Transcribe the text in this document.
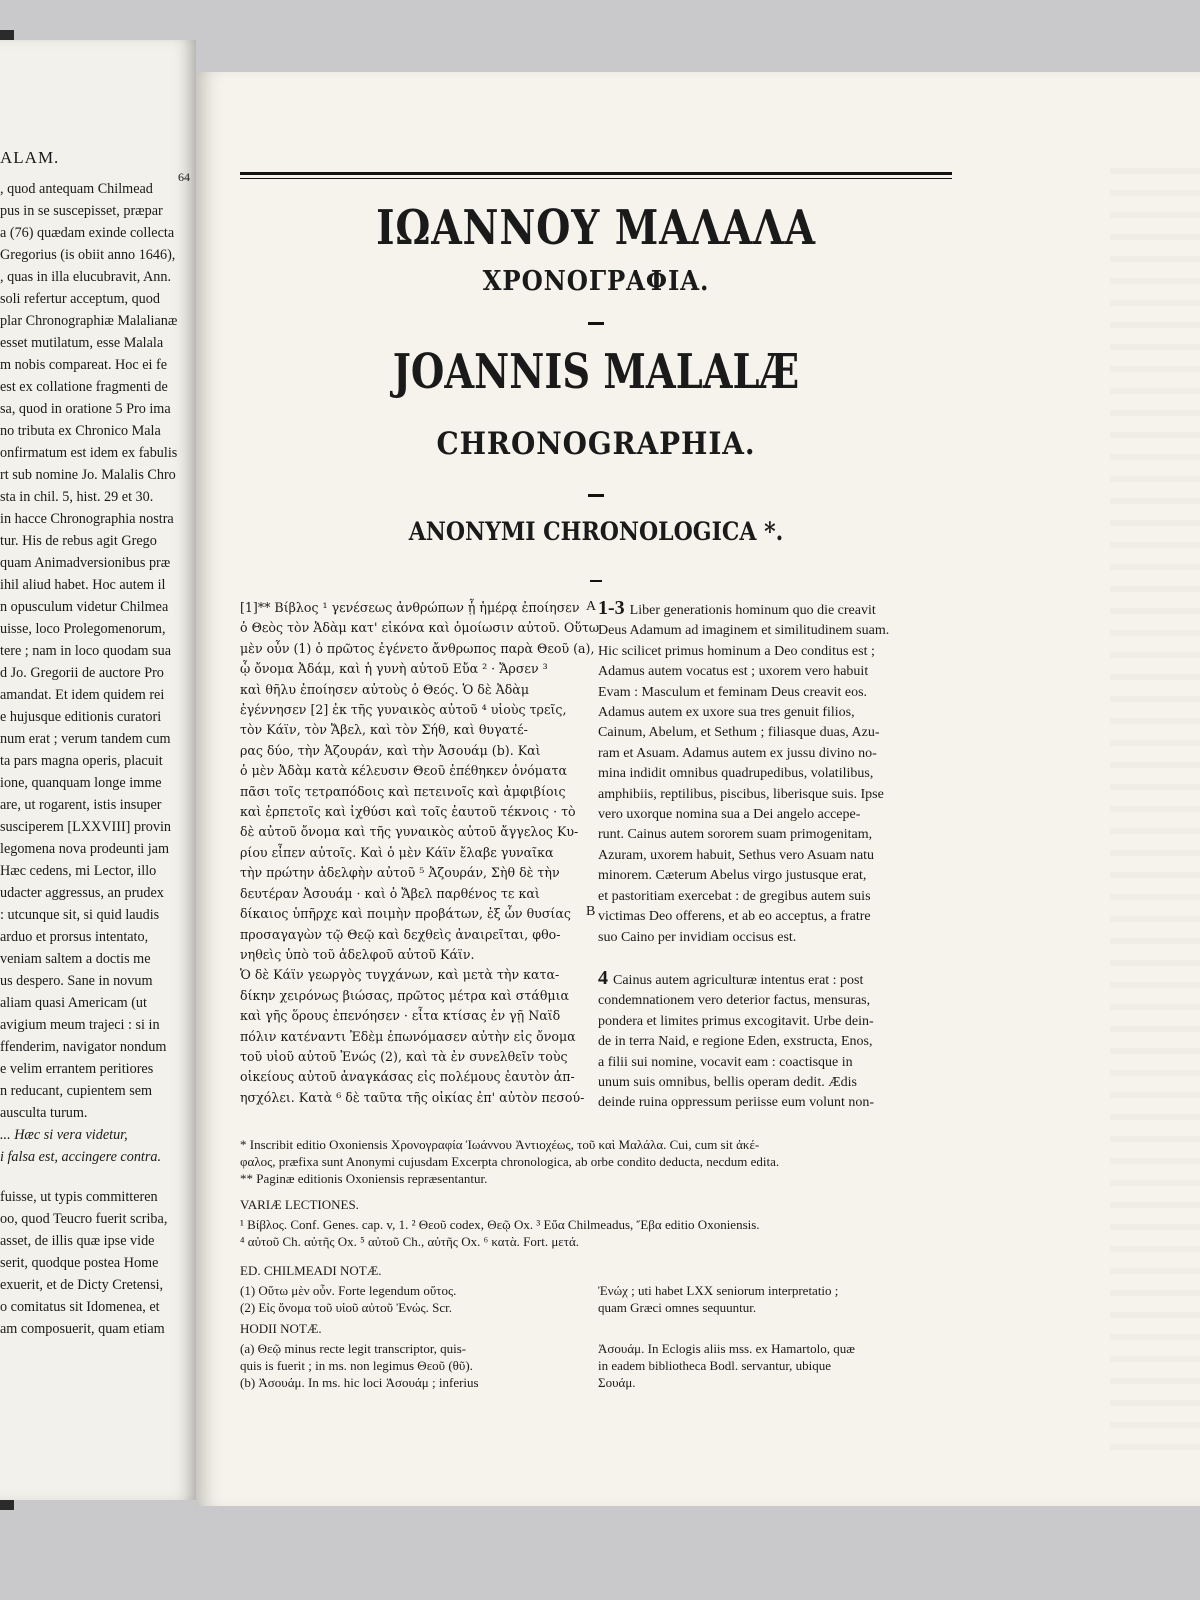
ALAM.
64
, quod antequam Chilmead
pus in se suscepisset, præpar
a (76) quædam exinde collecta
Gregorius (is obiit anno 1646),
, quas in illa elucubravit, Ann.
soli refertur acceptum, quod
plar Chronographiæ Malalianæ
esset mutilatum, esse Malala
m nobis compareat. Hoc ei fe
est ex collatione fragmenti de
sa, quod in oratione 5 Pro ima
no tributa ex Chronico Mala
onfirmatum est idem ex fabulis
rt sub nomine Jo. Malalis Chro
sta in chil. 5, hist. 29 et 30.
in hacce Chronographia nostra
tur. His de rebus agit Grego
quam Animadversionibus præ
ihil aliud habet. Hoc autem il
n opusculum videtur Chilmea
uisse, loco Prolegomenorum,
tere ; nam in loco quodam sua
d Jo. Gregorii de auctore Pro
amandat. Et idem quidem rei
e hujusque editionis curatori
num erat ; verum tandem cum
ta pars magna operis, placuit
ione, quanquam longe imme
are, ut rogarent, istis insuper
susciperem [LXXVIII] provin
legomena nova prodeunti jam
Hæc cedens, mi Lector, illo
udacter aggressus, an prudex
: utcunque sit, si quid laudis
arduo et prorsus intentato,
veniam saltem a doctis me
us despero. Sane in novum
aliam quasi Americam (ut
avigium meum trajeci : si in
ffenderim, navigator nondum
e velim errantem peritiores
n reducant, cupientem sem
ausculta turum.
... Hæc si vera videtur,
i falsa est, accingere contra.
fuisse, ut typis committeren
oo, quod Teucro fuerit scriba,
asset, de illis quæ ipse vide
serit, quodque postea Home
exuerit, et de Dicty Cretensi,
o comitatus sit Idomenea, et
am composuerit, quam etiam
ΙΩΑΝΝΟΥ ΜΑΛΑΛΑ
ΧΡΟΝΟΓΡΑΦΙΑ.
JOANNIS MALALÆ
CHRONOGRAPHIA.
ANONYMI CHRONOLOGICA *.
[1]** Βίβλος ¹ γενέσεως ἀνθρώπων ᾗ ἡμέρᾳ ἐποίησεν
ὁ Θεὸς τὸν Ἀδὰμ κατ' εἰκόνα καὶ ὁμοίωσιν αὐτοῦ. Οὕτω
μὲν οὖν (1) ὁ πρῶτος ἐγένετο ἄνθρωπος παρὰ Θεοῦ (a),
ᾧ ὄνομα Ἀδάμ, καὶ ἡ γυνὴ αὐτοῦ Εὔα ² · Ἄρσεν ³
καὶ θῆλυ ἐποίησεν αὐτοὺς ὁ Θεός. Ὁ δὲ Ἀδὰμ
ἐγέννησεν [2] ἐκ τῆς γυναικὸς αὐτοῦ ⁴ υἱοὺς τρεῖς,
τὸν Κάϊν, τὸν Ἄβελ, καὶ τὸν Σήθ, καὶ θυγατέ-
ρας δύο, τὴν Ἀζουράν, καὶ τὴν Ἀσουάμ (b). Καὶ
ὁ μὲν Ἀδὰμ κατὰ κέλευσιν Θεοῦ ἐπέθηκεν ὀνόματα
πᾶσι τοῖς τετραπόδοις καὶ πετεινοῖς καὶ ἀμφιβίοις
καὶ ἑρπετοῖς καὶ ἰχθύσι καὶ τοῖς ἑαυτοῦ τέκνοις · τὸ
δὲ αὐτοῦ ὄνομα καὶ τῆς γυναικὸς αὐτοῦ ἄγγελος Κυ-
ρίου εἶπεν αὐτοῖς. Καὶ ὁ μὲν Κάϊν ἔλαβε γυναῖκα
τὴν πρώτην ἀδελφὴν αὐτοῦ ⁵ Ἀζουράν, Σὴθ δὲ τὴν
δευτέραν Ἀσουάμ · καὶ ὁ Ἄβελ παρθένος τε καὶ
δίκαιος ὑπῆρχε καὶ ποιμὴν προβάτων, ἐξ ὧν θυσίας
προσαγαγὼν τῷ Θεῷ καὶ δεχθεὶς ἀναιρεῖται, φθο-
νηθεὶς ὑπὸ τοῦ ἀδελφοῦ αὐτοῦ Κάϊν.
Ὁ δὲ Κάϊν γεωργὸς τυγχάνων, καὶ μετὰ τὴν κατα-
δίκην χειρόνως βιώσας, πρῶτος μέτρα καὶ στάθμια
καὶ γῆς ὅρους ἐπενόησεν · εἶτα κτίσας ἐν γῇ Ναϊδ
πόλιν κατέναντι Ἐδὲμ ἐπωνόμασεν αὐτὴν εἰς ὄνομα
τοῦ υἱοῦ αὐτοῦ Ἐνώς (2), καὶ τὰ ἐν συνελθεῖν τοὺς
οἰκείους αὐτοῦ ἀναγκάσας εἰς πολέμους ἑαυτὸν ἀπ-
ησχόλει. Κατὰ ⁶ δὲ ταῦτα τῆς οἰκίας ἐπ' αὐτὸν πεσού-
A
B
1-3 Liber generationis hominum quo die creavit
Deus Adamum ad imaginem et similitudinem suam.
Hic scilicet primus hominum a Deo conditus est ;
Adamus autem vocatus est ; uxorem vero habuit
Evam : Masculum et feminam Deus creavit eos.
Adamus autem ex uxore sua tres genuit filios,
Cainum, Abelum, et Sethum ; filiasque duas, Azu-
ram et Asuam. Adamus autem ex jussu divino no-
mina indidit omnibus quadrupedibus, volatilibus,
amphibiis, reptilibus, piscibus, liberisque suis. Ipse
vero uxorque nomina sua a Dei angelo accepe-
runt. Cainus autem sororem suam primogenitam,
Azuram, uxorem habuit, Sethus vero Asuam natu
minorem. Cæterum Abelus virgo justusque erat,
et pastoritiam exercebat : de gregibus autem suis
victimas Deo offerens, et ab eo acceptus, a fratre
suo Caino per invidiam occisus est.
4 Cainus autem agriculturæ intentus erat : post
condemnationem vero deterior factus, mensuras,
pondera et limites primus excogitavit. Urbe dein-
de in terra Naid, e regione Eden, exstructa, Enos,
a filii sui nomine, vocavit eam : coactisque in
unum suis omnibus, bellis operam dedit. Ædis
deinde ruina oppressum periisse eum volunt non-
* Inscribit editio Oxoniensis Χρονογραφία Ἰωάννου Ἀντιοχέως, τοῦ καὶ Μαλάλα. Cui, cum sit ἀκέ-
φαλος, præfixa sunt Anonymi cujusdam Excerpta chronologica, ab orbe condito deducta, necdum edita.
** Paginæ editionis Oxoniensis repræsentantur.
VARIÆ LECTIONES.
¹ Βίβλος. Conf. Genes. cap. v, 1. ² Θεοῦ codex, Θεῷ Ox. ³ Εὔα Chilmeadus, Ἔβα editio Oxoniensis.
⁴ αὐτοῦ Ch. αὐτῆς Ox. ⁵ αὐτοῦ Ch., αὐτῆς Ox. ⁶ κατὰ. Fort. μετά.
ED. CHILMEADI NOTÆ.
(1) Οὕτω μὲν οὖν. Forte legendum οὕτος.
(2) Εἰς ὄνομα τοῦ υἱοῦ αὐτοῦ Ἐνώς. Scr.
Ἐνώχ ; uti habet LXX seniorum interpretatio ;
quam Græci omnes sequuntur.
HODII NOTÆ.
(a) Θεῷ minus recte legit transcriptor, quis-
quis is fuerit ; in ms. non legimus Θεοῦ (θῦ).
(b) Ἀσουάμ. In ms. hic loci Ἀσουάμ ; inferius
Ἀσουάμ. In Eclogis aliis mss. ex Hamartolo, quæ
in eadem bibliotheca Bodl. servantur, ubique
Σουάμ.
